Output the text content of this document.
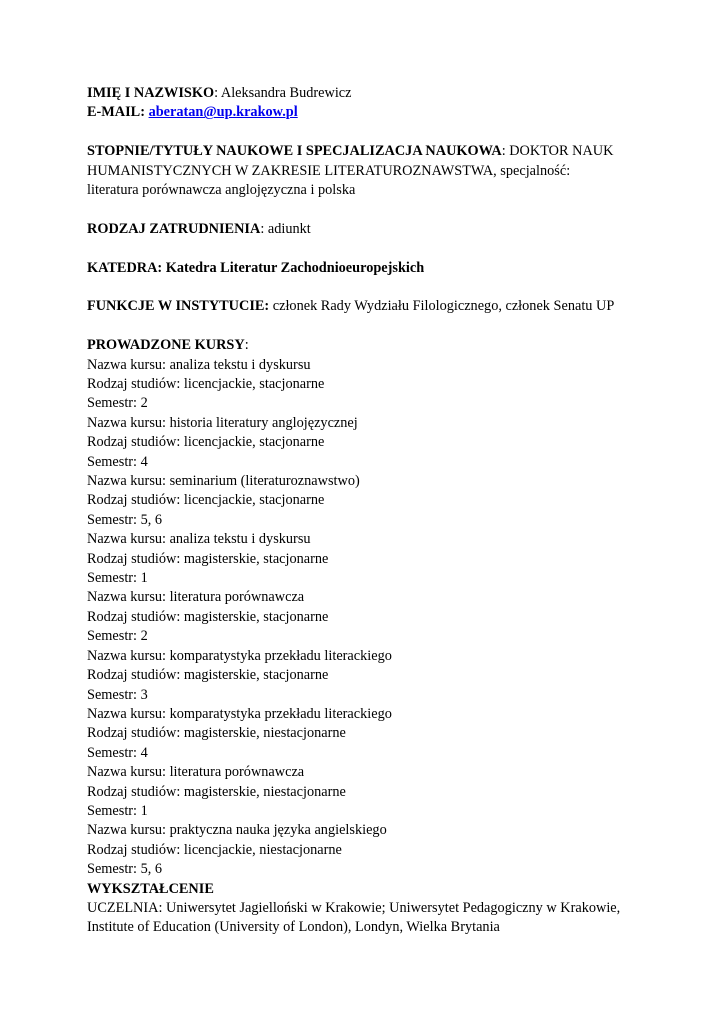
IMIĘ I NAZWISKO: Aleksandra Budrewicz
E-MAIL: aberatan@up.krakow.pl
STOPNIE/TYTUŁY NAUKOWE I SPECJALIZACJA NAUKOWA: DOKTOR NAUK
HUMANISTYCZNYCH W ZAKRESIE LITERATUROZNAWSTWA, specjalność:
literatura porównawcza anglojęzyczna i polska
RODZAJ ZATRUDNIENIA: adiunkt
KATEDRA: Katedra Literatur Zachodnioeuropejskich
FUNKCJE W INSTYTUCIE: członek Rady Wydziału Filologicznego, członek Senatu UP
PROWADZONE KURSY:
Nazwa kursu: analiza tekstu i dyskursu
Rodzaj studiów: licencjackie, stacjonarne
Semestr: 2
Nazwa kursu: historia literatury anglojęzycznej
Rodzaj studiów: licencjackie, stacjonarne
Semestr: 4
Nazwa kursu: seminarium (literaturoznawstwo)
Rodzaj studiów: licencjackie, stacjonarne
Semestr: 5, 6
Nazwa kursu: analiza tekstu i dyskursu
Rodzaj studiów: magisterskie, stacjonarne
Semestr: 1
Nazwa kursu: literatura porównawcza
Rodzaj studiów: magisterskie, stacjonarne
Semestr: 2
Nazwa kursu: komparatystyka przekładu literackiego
Rodzaj studiów: magisterskie, stacjonarne
Semestr: 3
Nazwa kursu: komparatystyka przekładu literackiego
Rodzaj studiów: magisterskie, niestacjonarne
Semestr: 4
Nazwa kursu: literatura porównawcza
Rodzaj studiów: magisterskie, niestacjonarne
Semestr: 1
Nazwa kursu: praktyczna nauka języka angielskiego
Rodzaj studiów: licencjackie, niestacjonarne
Semestr: 5, 6
WYKSZTAŁCENIE
UCZELNIA: Uniwersytet Jagielloński w Krakowie; Uniwersytet Pedagogiczny w Krakowie,
Institute of Education (University of London), Londyn, Wielka Brytania
